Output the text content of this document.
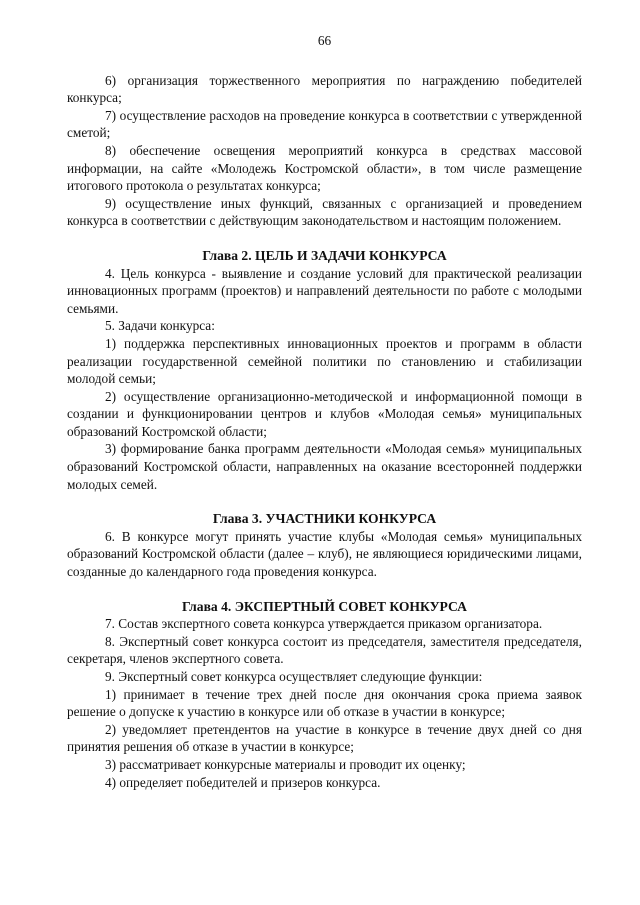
66

6) организация торжественного мероприятия по награждению победителей конкурса;

7) осуществление расходов на проведение конкурса в соответствии с утвержденной сметой;

8) обеспечение освещения мероприятий конкурса в средствах массовой информации, на сайте «Молодежь Костромской области», в том числе размещение итогового протокола о результатах конкурса;

9) осуществление иных функций, связанных с организацией и проведением конкурса в соответствии с действующим законодательством и настоящим положением.

Глава 2. ЦЕЛЬ И ЗАДАЧИ КОНКУРСА

4. Цель конкурса - выявление и создание условий для практической реализации инновационных программ (проектов) и направлений деятельности по работе с молодыми семьями.

5. Задачи конкурса:

1) поддержка перспективных инновационных проектов и программ в области реализации государственной семейной политики по становлению и стабилизации молодой семьи;

2) осуществление организационно-методической и информационной помощи в создании и функционировании центров и клубов «Молодая семья» муниципальных образований Костромской области;

3) формирование банка программ деятельности «Молодая семья» муниципальных образований Костромской области, направленных на оказание всесторонней поддержки молодых семей.

Глава 3. УЧАСТНИКИ КОНКУРСА

6. В конкурсе могут принять участие клубы «Молодая семья» муниципальных образований Костромской области (далее – клуб), не являющиеся юридическими лицами, созданные до календарного года проведения конкурса.

Глава 4. ЭКСПЕРТНЫЙ СОВЕТ КОНКУРСА

7. Состав экспертного совета конкурса утверждается приказом организатора.

8. Экспертный совет конкурса состоит из председателя, заместителя председателя, секретаря, членов экспертного совета.

9. Экспертный совет конкурса осуществляет следующие функции:

1) принимает в течение трех дней после дня окончания срока приема заявок решение о допуске к участию в конкурсе или об отказе в участии в конкурсе;

2) уведомляет претендентов на участие в конкурсе в течение двух дней со дня принятия решения об отказе в участии в конкурсе;

3) рассматривает конкурсные материалы и проводит их оценку;

4) определяет победителей и призеров конкурса.
